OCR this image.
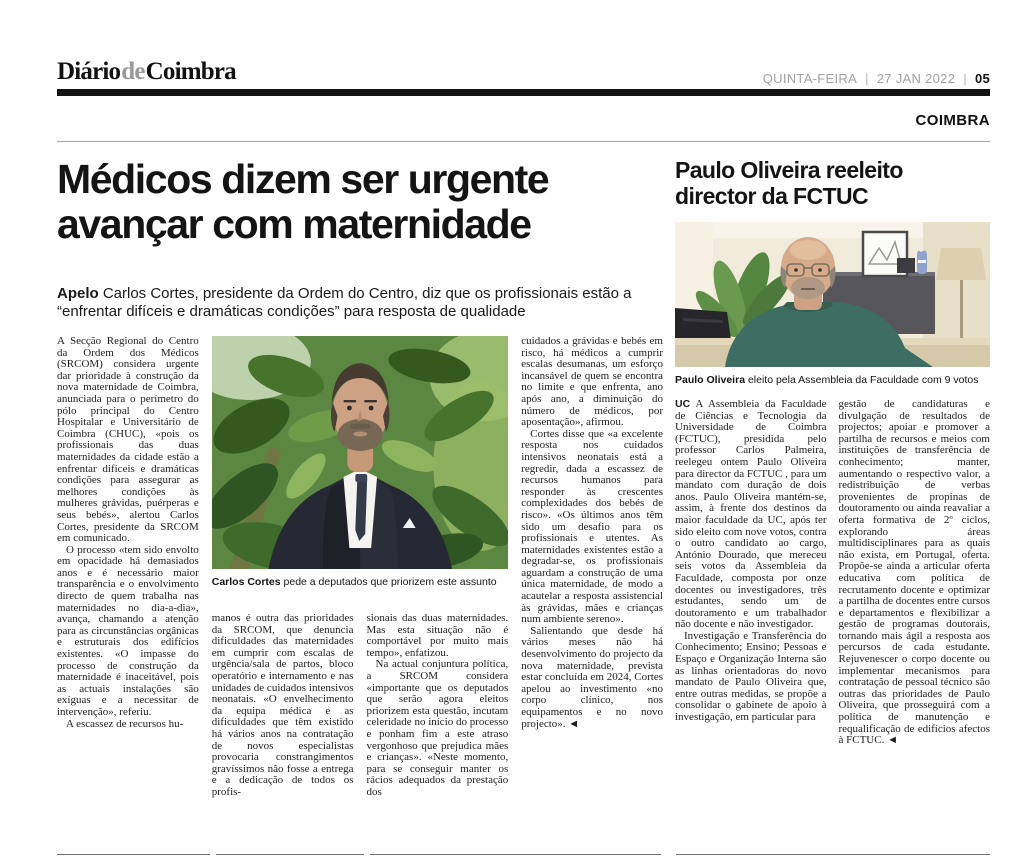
DiáriodeCoimbra	QUINTA-FEIRA | 27 JAN 2022 | 05
COIMBRA
Médicos dizem ser urgente
avançar com maternidade
Apelo Carlos Cortes, presidente da Ordem do Centro, diz que os profissionais estão a “enfrentar difíceis e dramáticas condições” para resposta de qualidade

A Secção Regional do Centro da Ordem dos Médicos (SRCOM) considera urgente dar prioridade à construção da nova maternidade de Coimbra, anunciada para o perímetro do pólo principal do Centro Hospitalar e Universitário de Coimbra (CHUC), «pois os profissionais das duas maternidades da cidade estão a enfrentar difíceis e dramáticas condições para assegurar as melhores condições às mulheres grávidas, puérperas e seus bebés», alertou Carlos Cortes, presidente da SRCOM em comunicado.

O processo «tem sido envolto em opacidade há demasiados anos e é necessário maior transparência e o envolvimento directo de quem trabalha nas maternidades no dia-a-dia», avança, chamando a atenção para as circunstâncias orgânicas e estruturais dos edifícios existentes. «O impasse do processo de construção da maternidade é inaceitável, pois as actuais instalações são exíguas e a necessitar de intervenção», referiu.

A escassez de recursos hu-

Carlos Cortes pede a deputados que priorizem este assunto

manos é outra das prioridades da SRCOM, que denuncia dificuldades das maternidades em cumprir com escalas de urgência/sala de partos, bloco operatório e internamento e nas unidades de cuidados intensivos neonatais. «O envelhecimento da equipa médica e as dificuldades que têm existido há vários anos na contratação de novos especialistas provocaria constrangimentos gravíssimos não fosse a entrega e a dedicação de todos os profis-

sionais das duas maternidades. Mas esta situação não é comportável por muito mais tempo», enfatizou.

Na actual conjuntura política, a SRCOM considera «importante que os deputados que serão agora eleitos priorizem esta questão, incutam celeridade no início do processo e ponham fim a este atraso vergonhoso que prejudica mães e crianças». «Neste momento, para se conseguir manter os rácios adequados da prestação dos

cuidados a grávidas e bebés em risco, há médicos a cumprir escalas desumanas, um esforço incansável de quem se encontra no limite e que enfrenta, ano após ano, a diminuição do número de médicos, por aposentação», afirmou.

Cortes disse que «a excelente resposta nos cuidados intensivos neonatais está a regredir, dada a escassez de recursos humanos para responder às crescentes complexidades dos bebés de risco». «Os últimos anos têm sido um desafio para os profissionais e utentes. As maternidades existentes estão a degradar-se, os profissionais aguardam a construção de uma única maternidade, de modo a acautelar a resposta assistencial às grávidas, mães e crianças num ambiente sereno».

Salientando que desde há vários meses não há desenvolvimento do projecto da nova maternidade, prevista estar concluída em 2024, Cortes apelou ao investimento «no corpo clínico, nos equipamentos e no novo projecto». ◄

Paulo Oliveira reeleito
director da FCTUC
Paulo Oliveira eleito pela Assembleia da Faculdade com 9 votos

UC A Assembleia da Faculdade de Ciências e Tecnologia da Universidade de Coimbra (FCTUC), presidida pelo professor Carlos Palmeira, reelegeu ontem Paulo Oliveira para director da FCTUC , para um mandato com duração de dois anos. Paulo Oliveira mantém-se, assim, à frente dos destinos da maior faculdade da UC, após ter sido eleito com nove votos, contra o outro candidato ao cargo, António Dourado, que mereceu seis votos da Assembleia da Faculdade, composta por onze docentes ou investigadores, três estudantes, sendo um de doutoramento e um trabalhador não docente e não investigador.

Investigação e Transferência do Conhecimento; Ensino; Pessoas e Espaço e Organização Interna são as linhas orientadoras do novo mandato de Paulo Oliveira que, entre outras medidas, se propõe a consolidar o gabinete de apoio à investigação, em particular para

gestão de candidaturas e divulgação de resultados de projectos; apoiar e promover a partilha de recursos e meios com instituições de transferência de conhecimento; manter, aumentando o respectivo valor, a redistribuição de verbas provenientes de propinas de doutoramento ou ainda reavaliar a oferta formativa de 2º ciclos, explorando áreas multidisciplinares para as quais não exista, em Portugal, oferta. Propõe-se ainda a articular oferta educativa com política de recrutamento docente e optimizar a partilha de docentes entre cursos e departamentos e flexibilizar a gestão de programas doutorais, tornando mais ágil a resposta aos percursos de cada estudante. Rejuvenescer o corpo docente ou implementar mecanismos para contratação de pessoal técnico são outras das prioridades de Paulo Oliveira, que prosseguirá com a política de manutenção e requalificação de edifícios afectos à FCTUC. ◄
